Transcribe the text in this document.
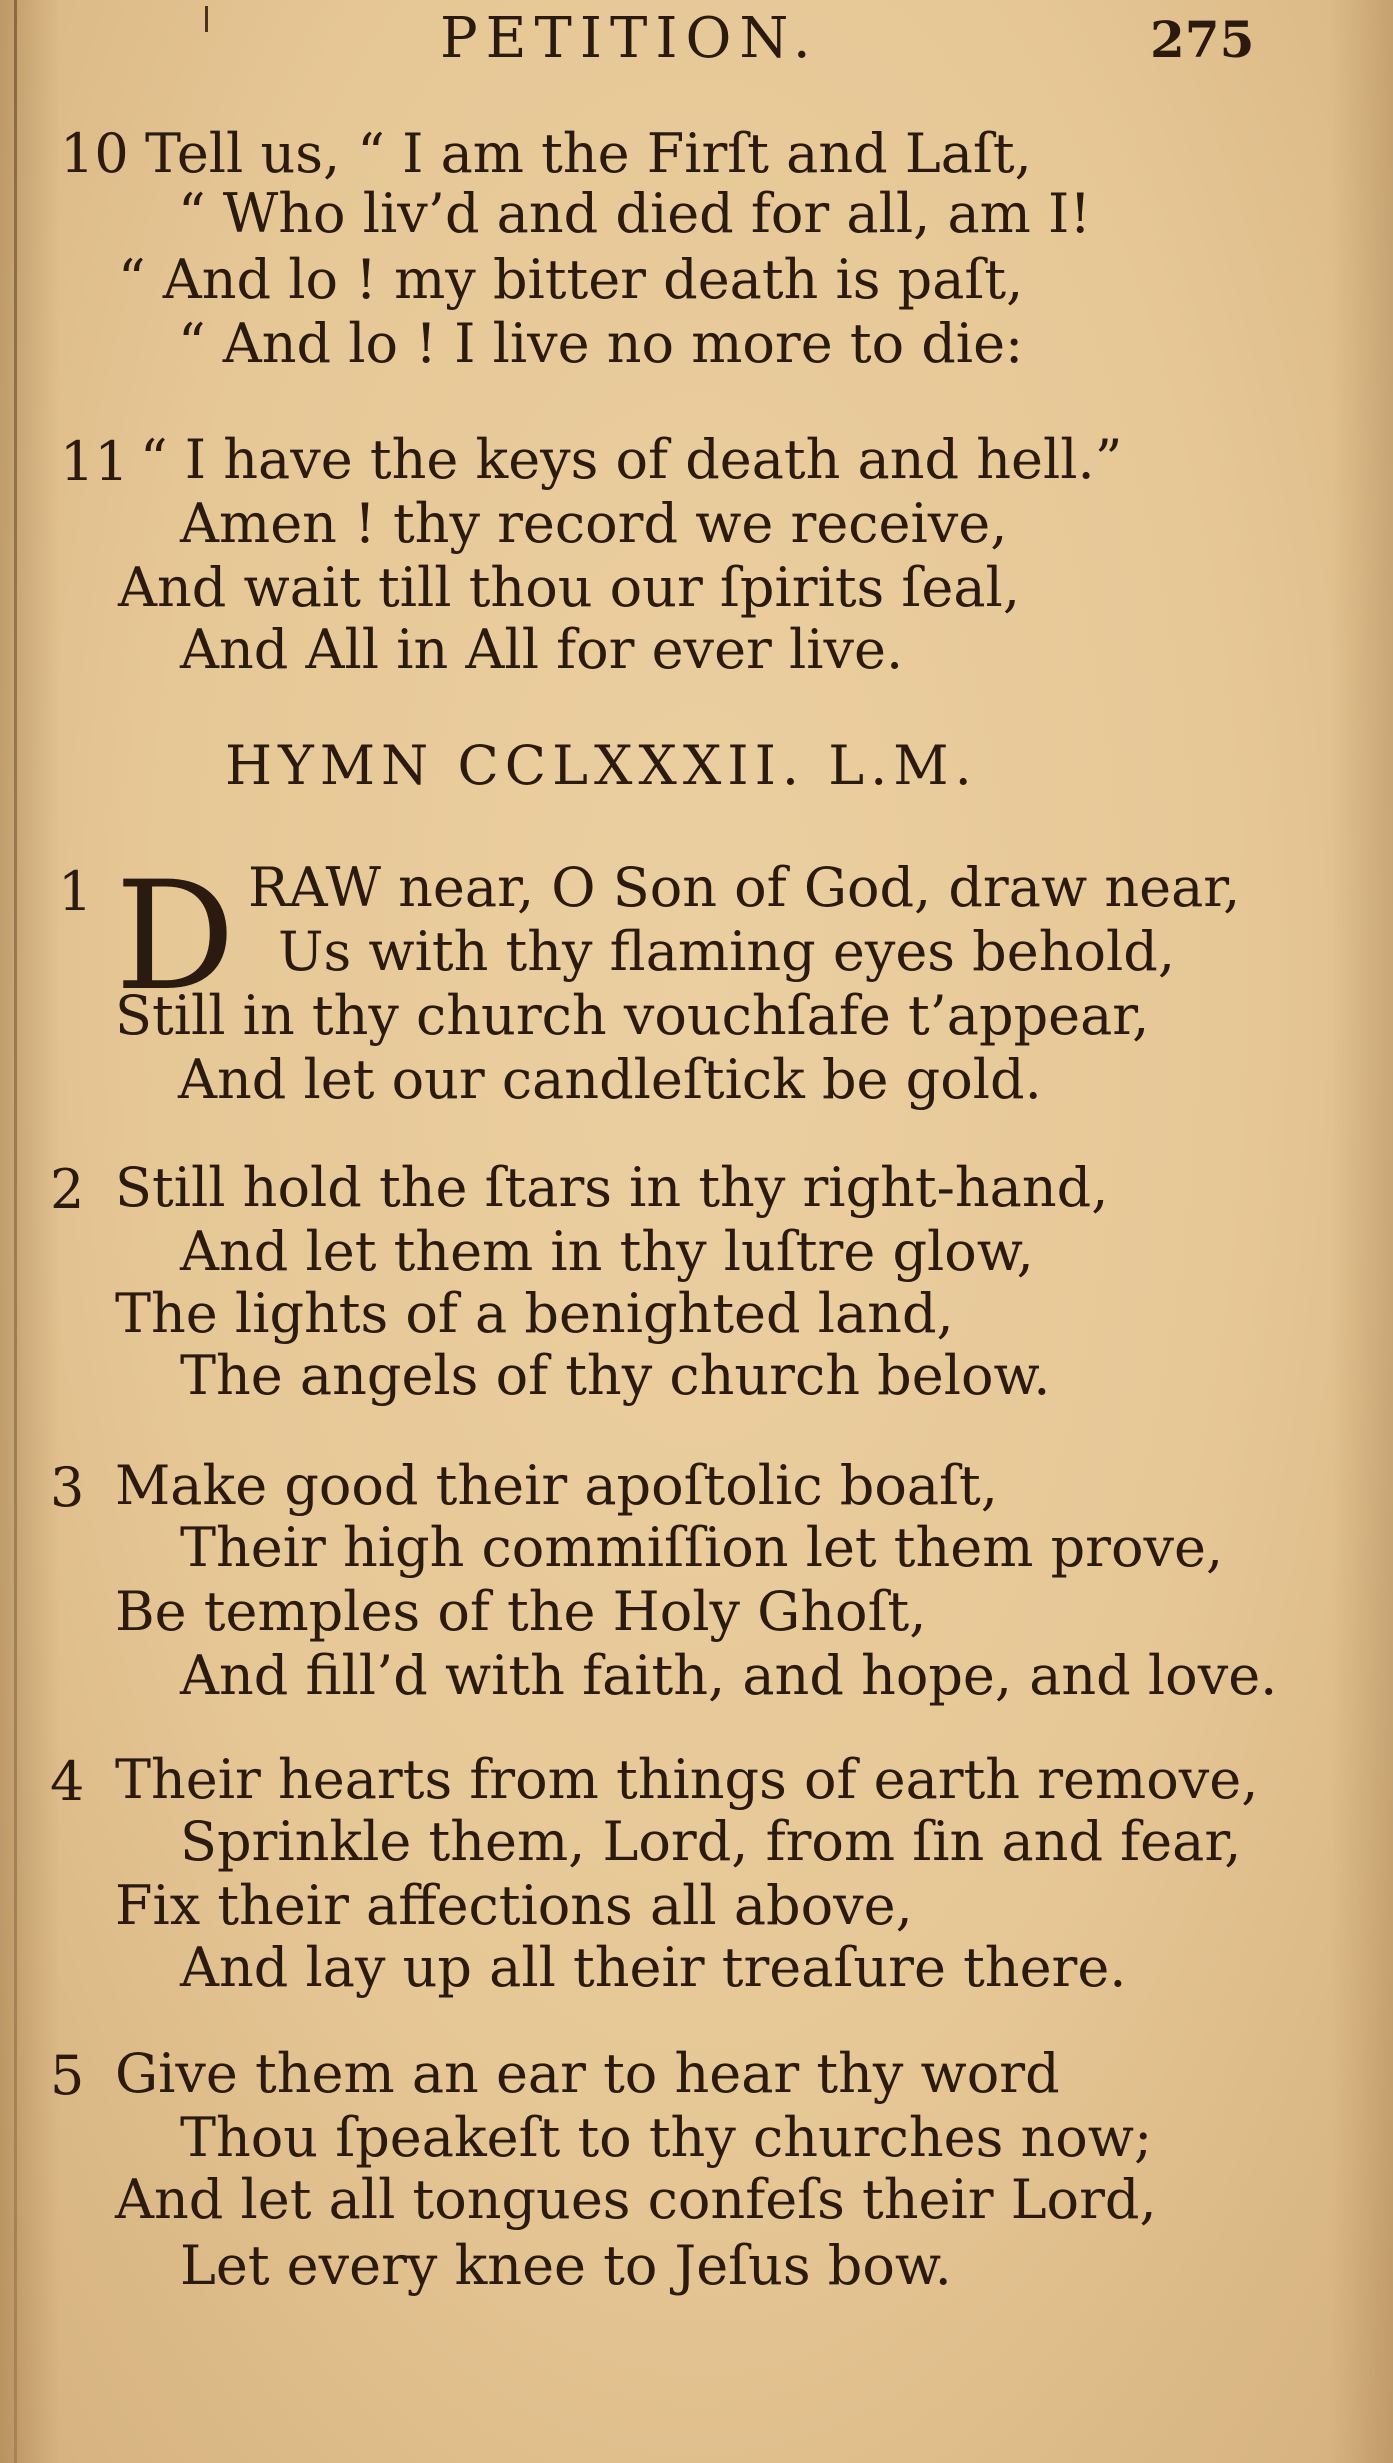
PETITION.	275
10 Tell us, “ I am the Firſt and Laſt,
“ Who liv’d and died for all, am I!
“ And lo ! my bitter death is paſt,
“ And lo ! I live no more to die:
11 “ I have the keys of death and hell.”
Amen ! thy record we receive,
And wait till thou our ſpirits ſeal,
And All in All for ever live.
HYMN CCLXXXII. L.M.
1 D RAW near, O Son of God, draw near,
Us with thy flaming eyes behold,
Still in thy church vouchſafe t’appear,
And let our candleſtick be gold.
2 Still hold the ſtars in thy right-hand,
And let them in thy luſtre glow,
The lights of a benighted land,
The angels of thy church below.
3 Make good their apoſtolic boaſt,
Their high commiſſion let them prove,
Be temples of the Holy Ghoſt,
And fill’d with faith, and hope, and love.
4 Their hearts from things of earth remove,
Sprinkle them, Lord, from ſin and fear,
Fix their affections all above,
And lay up all their treaſure there.
5 Give them an ear to hear thy word
Thou ſpeakeſt to thy churches now;
And let all tongues confeſs their Lord,
Let every knee to Jeſus bow.
